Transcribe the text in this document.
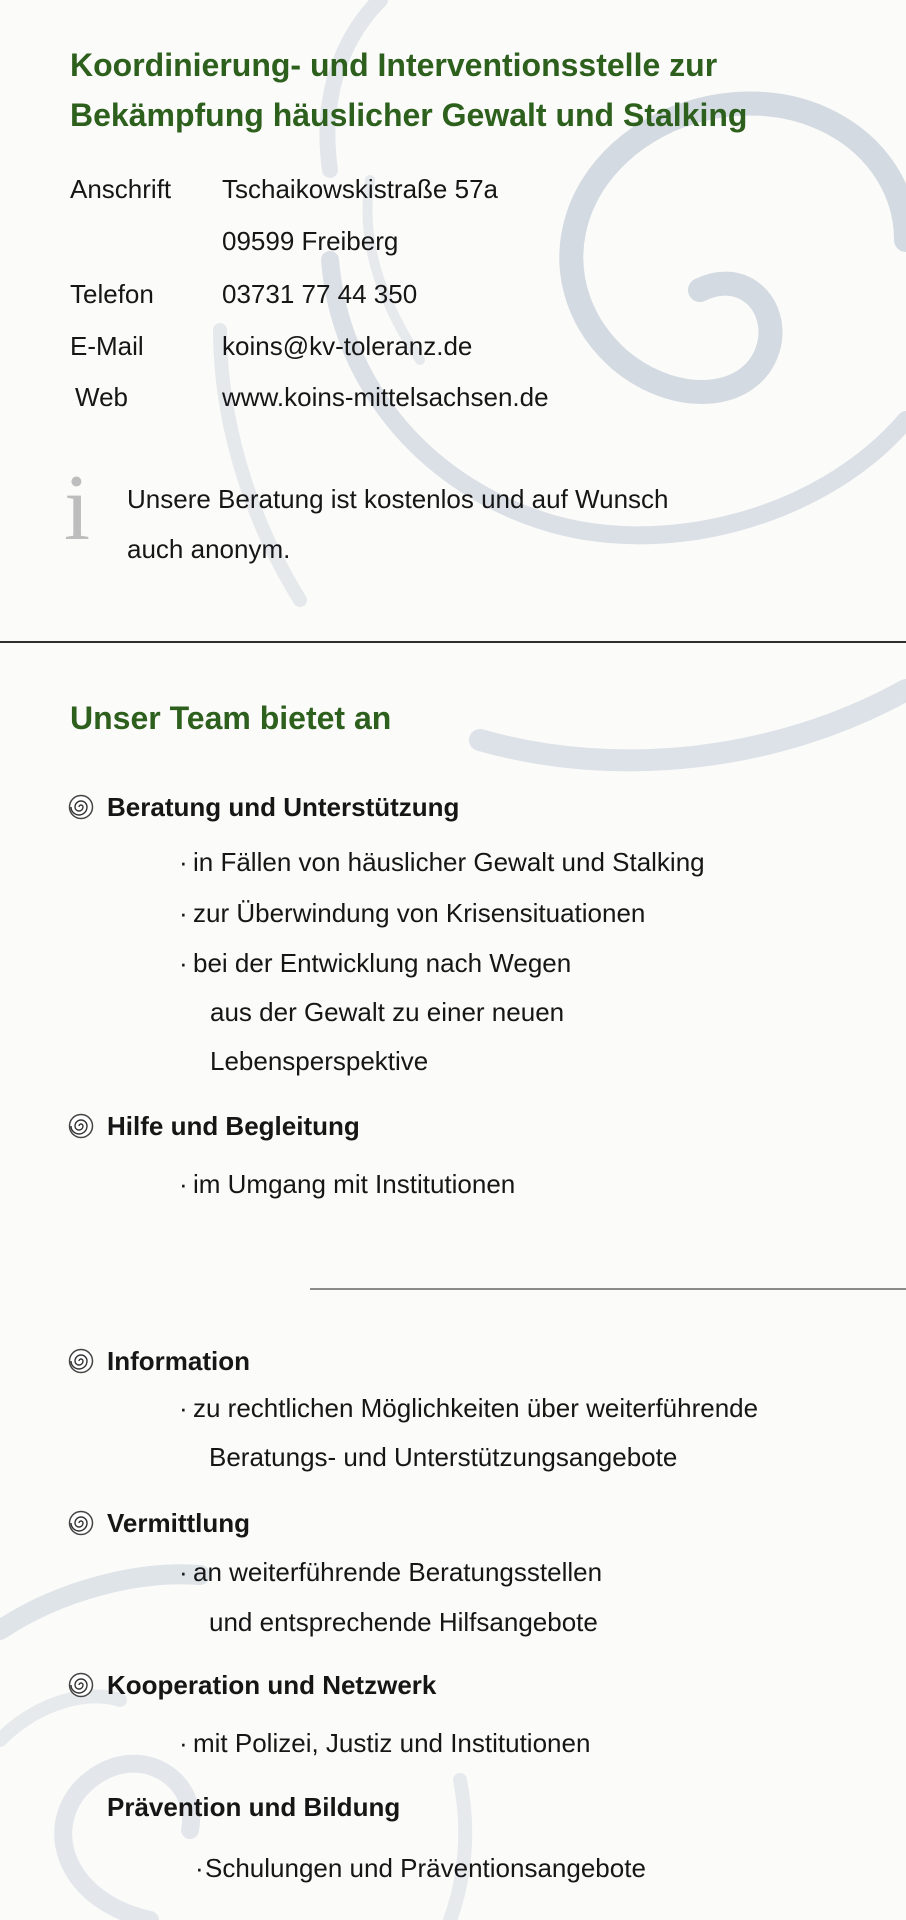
Koordinierung- und Interventionsstelle zur
Bekämpfung häuslicher Gewalt und Stalking
Anschrift Tschaikowskistraße 57a
09599 Freiberg
Telefon	03731 77 44 350
E-Mail	koins@kv-toleranz.de
Web	www.koins-mittelsachsen.de
i Unsere Beratung ist kostenlos und auf Wunsch
auch anonym.
Unser Team bietet an
Beratung und Unterstützung
· in Fällen von häuslicher Gewalt und Stalking
· zur Überwindung von Krisensituationen
· bei der Entwicklung nach Wegen
aus der Gewalt zu einer neuen
Lebensperspektive
Hilfe und Begleitung
· im Umgang mit Institutionen
Information
· zu rechtlichen Möglichkeiten über weiterführende
Beratungs- und Unterstützungsangebote
Vermittlung
· an weiterführende Beratungsstellen
und entsprechende Hilfsangebote
Kooperation und Netzwerk
· mit Polizei, Justiz und Institutionen
Prävention und Bildung
· Schulungen und Präventionsangebote
